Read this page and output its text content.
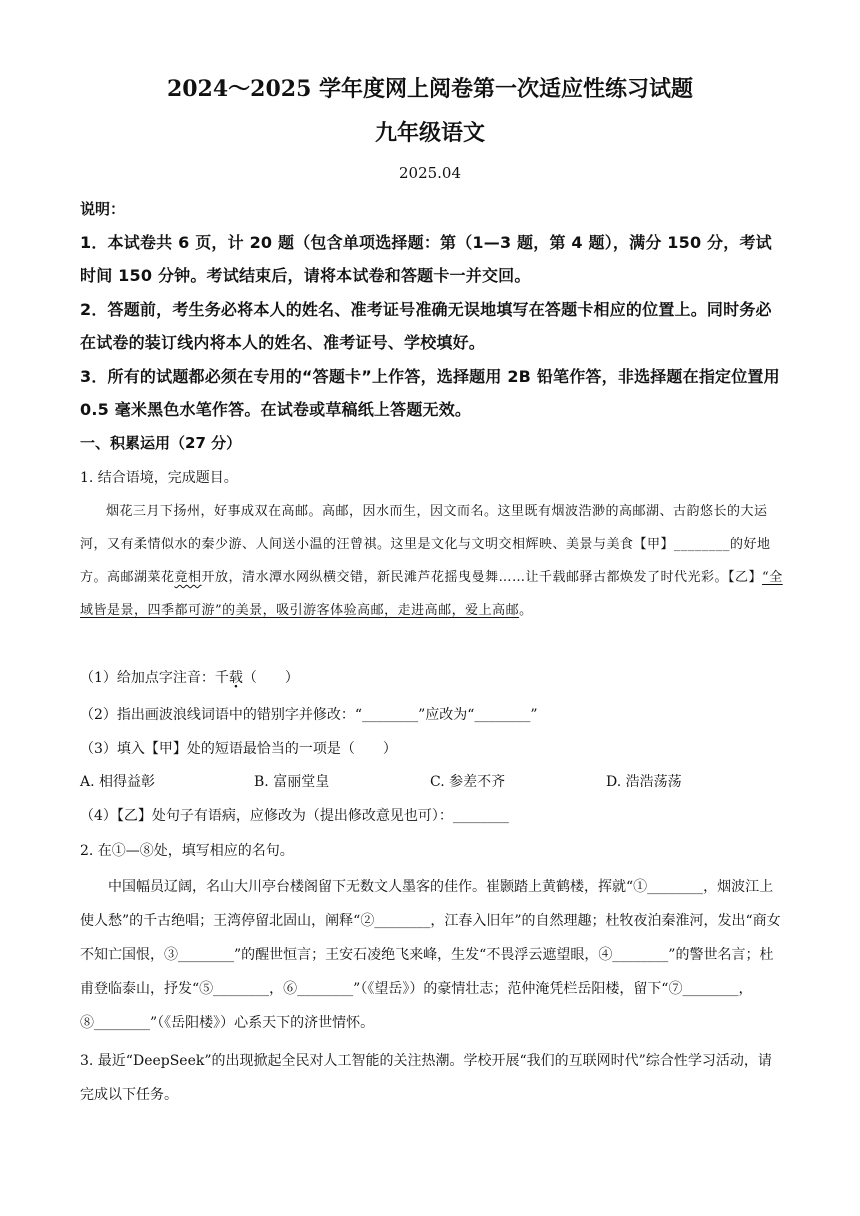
2024～2025 学年度网上阅卷第一次适应性练习试题
九年级语文
2025.04
说明：
1．本试卷共 6 页，计 20 题（包含单项选择题：第（1—3 题，第 4 题），满分 150 分，考试时间 150 分钟。考试结束后，请将本试卷和答题卡一并交回。
2．答题前，考生务必将本人的姓名、准考证号准确无误地填写在答题卡相应的位置上。同时务必在试卷的装订线内将本人的姓名、准考证号、学校填好。
3．所有的试题都必须在专用的“答题卡”上作答，选择题用 2B 铅笔作答，非选择题在指定位置用 0.5 毫米黑色水笔作答。在试卷或草稿纸上答题无效。
一、积累运用（27 分）
1. 结合语境，完成题目。
烟花三月下扬州，好事成双在高邮。高邮，因水而生，因文而名。这里既有烟波浩渺的高邮湖、古韵悠长的大运河，又有柔情似水的秦少游、人间送小温的汪曾祺。这里是文化与文明交相辉映、美景与美食【甲】________的好地方。高邮湖菜花竟相开放，清水潭水网纵横交错，新民滩芦花摇曳曼舞……让千载邮驿古都焕发了时代光彩。【乙】“全域皆是景，四季都可游”的美景，吸引游客体验高邮，走进高邮，爱上高邮。
（1）给加点字注音：千载（　　）
（2）指出画波浪线词语中的错别字并修改：“________”应改为“________”
（3）填入【甲】处的短语最恰当的一项是（　　）
A. 相得益彰	B. 富丽堂皇	C. 参差不齐	D. 浩浩荡荡
（4）【乙】处句子有语病，应修改为（提出修改意见也可）：________
2. 在①—⑧处，填写相应的名句。
中国幅员辽阔，名山大川亭台楼阁留下无数文人墨客的佳作。崔颢踏上黄鹤楼，挥就“①________，烟波江上使人愁”的千古绝唱；王湾停留北固山，阐释“②________，江春入旧年”的自然理趣；杜牧夜泊秦淮河，发出“商女不知亡国恨，③________”的醒世恒言；王安石凌绝飞来峰，生发“不畏浮云遮望眼，④________”的警世名言；杜甫登临泰山，抒发“⑤________，⑥________”（《望岳》）的豪情壮志；范仲淹凭栏岳阳楼，留下“⑦________，⑧________”（《岳阳楼》）心系天下的济世情怀。
3. 最近“DeepSeek”的出现掀起全民对人工智能的关注热潮。学校开展“我们的互联网时代”综合性学习活动，请完成以下任务。
